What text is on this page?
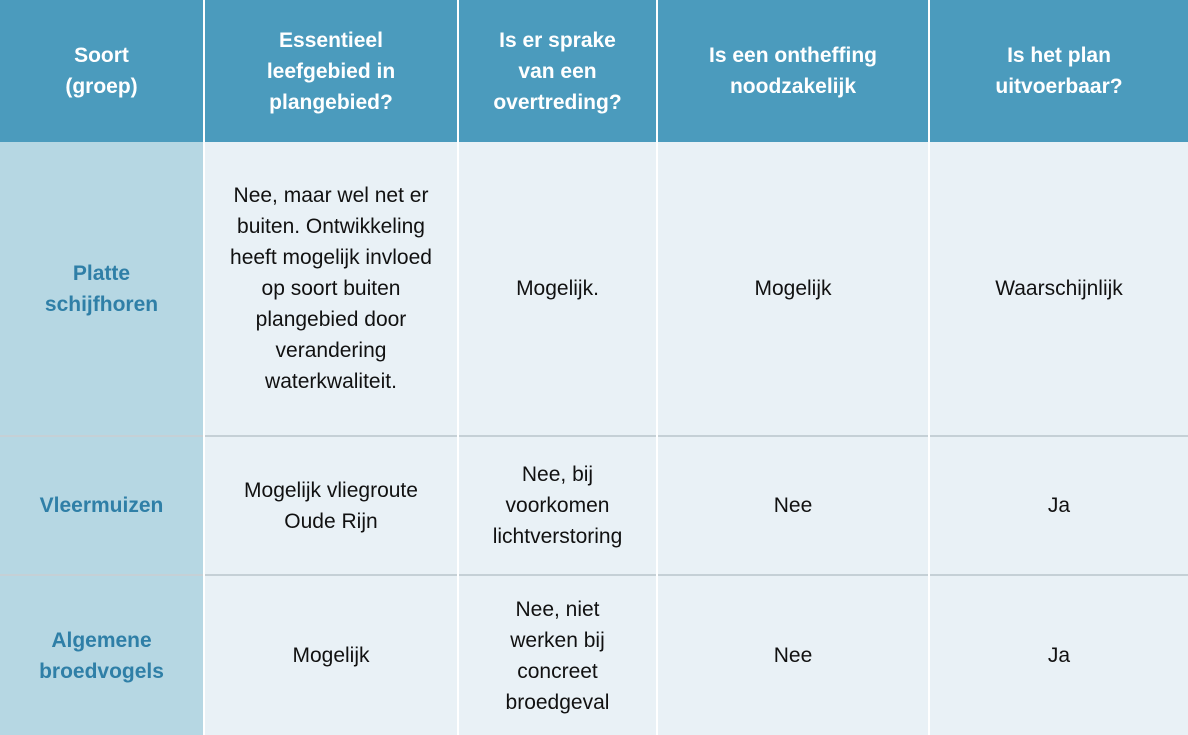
Soort (groep)	Essentieel leefgebied in plangebied?	Is er sprake van een overtreding?	Is een ontheffing noodzakelijk	Is het plan uitvoerbaar?
Platte schijfhoren	Nee, maar wel net er buiten. Ontwikkeling heeft mogelijk invloed op soort buiten plangebied door verandering waterkwaliteit.	Mogelijk.	Mogelijk	Waarschijnlijk
Vleermuizen	Mogelijk vliegroute Oude Rijn	Nee, bij voorkomen lichtverstoring	Nee	Ja
Algemene broedvogels	Mogelijk	Nee, niet werken bij concreet broedgeval	Nee	Ja
